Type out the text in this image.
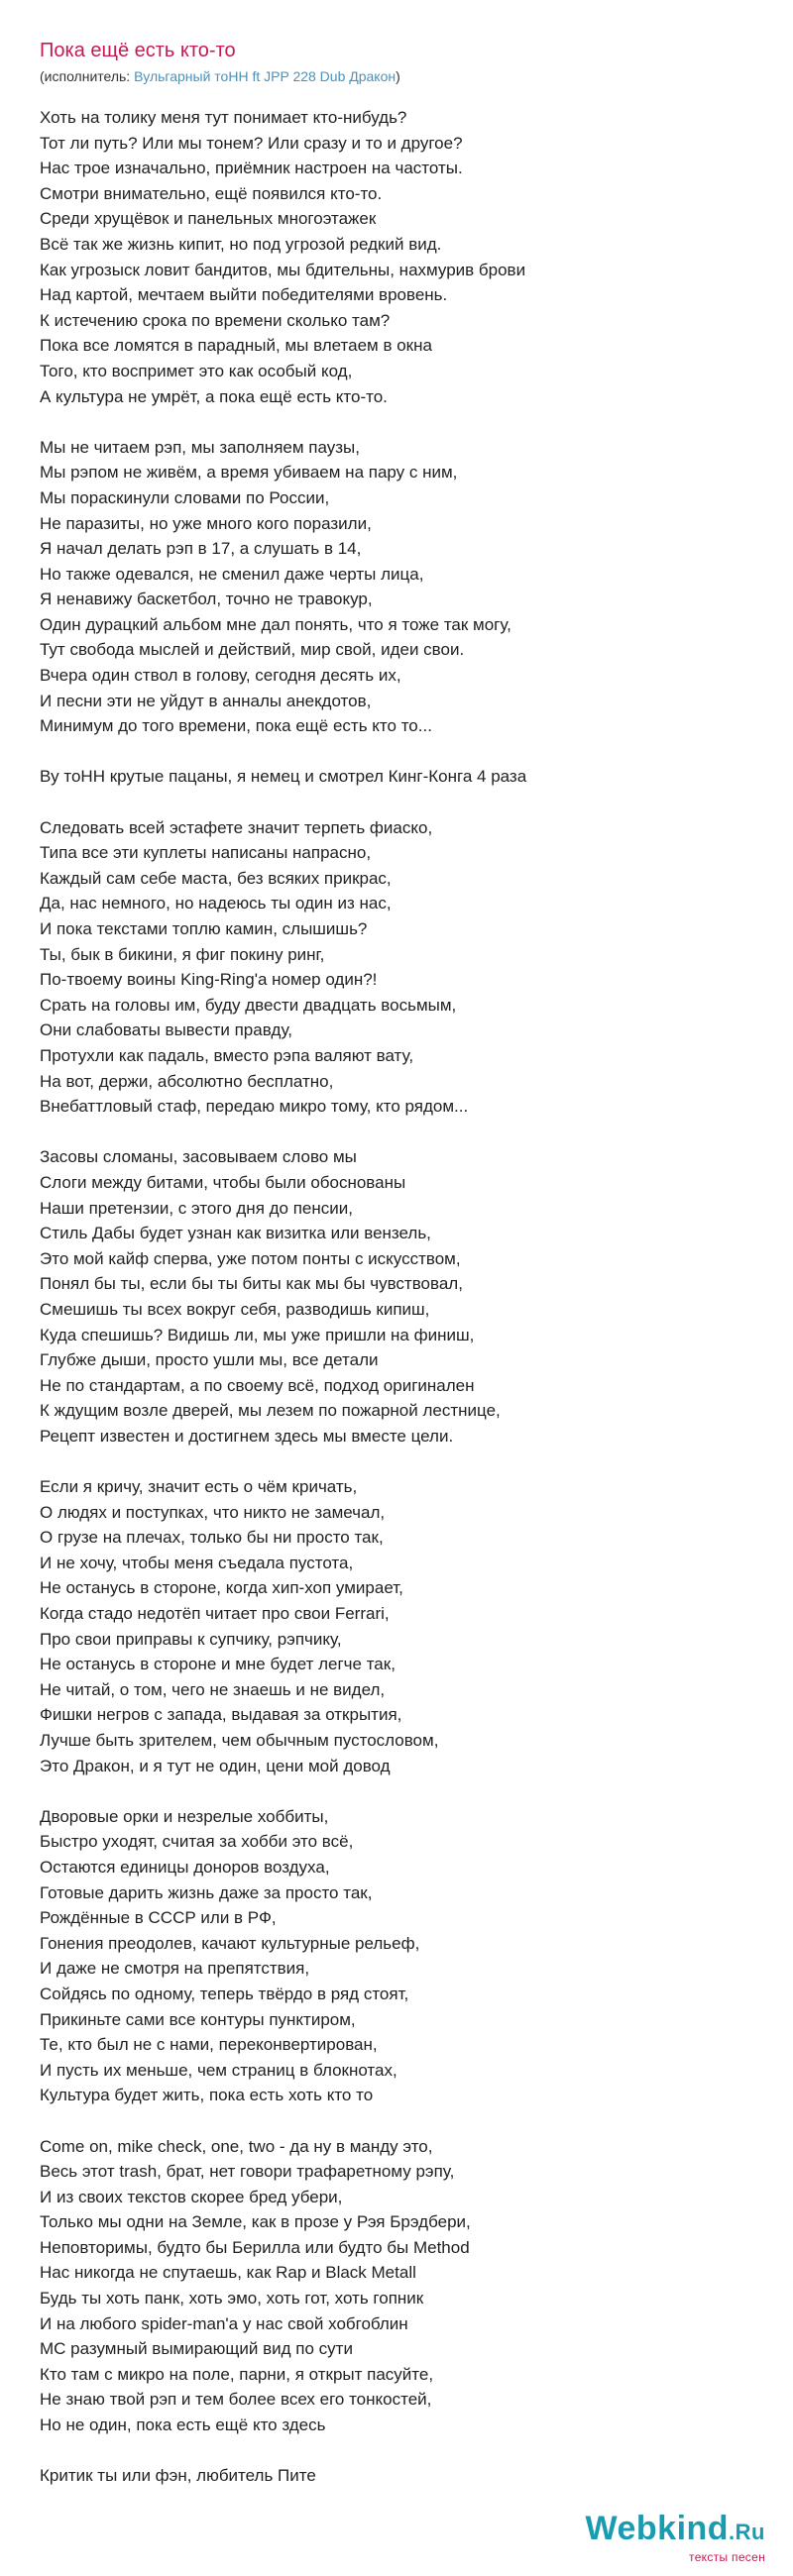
Пока ещё есть кто-то
(исполнитель: Вульгарный тоНН ft JPP 228 Dub Дракон)
Хоть на толику меня тут понимает кто-нибудь?
Тот ли путь? Или мы тонем? Или сразу и то и другое?
Нас трое изначально, приёмник настроен на частоты.
Смотри внимательно, ещё появился кто-то.
Среди хрущёвок и панельных многоэтажек
Всё так же жизнь кипит, но под угрозой редкий вид.
Как угрозыск ловит бандитов, мы бдительны, нахмурив брови
Над картой, мечтаем выйти победителями вровень.
К истечению срока по времени сколько там?
Пока все ломятся в парадный, мы влетаем в окна
Того, кто воспримет это как особый код,
А культура не умрёт, а пока ещё есть кто-то.
Мы не читаем рэп, мы заполняем паузы,
Мы рэпом не живём, а время убиваем на пару с ним,
Мы пораскинули словами по России,
Не паразиты, но уже много кого поразили,
Я начал делать рэп в 17, а слушать в 14,
Но также одевался, не сменил даже черты лица,
Я ненавижу баскетбол, точно не травокур,
Один дурацкий альбом мне дал понять, что я тоже так могу,
Тут свобода мыслей и действий, мир свой, идеи свои.
Вчера один ствол в голову, сегодня десять их,
И песни эти не уйдут в анналы анекдотов,
Минимум до того времени, пока ещё есть кто то...
Ву тоНН крутые пацаны, я немец и смотрел Кинг-Конга 4 раза
Следовать всей эстафете значит терпеть фиаско,
Типа все эти куплеты написаны напрасно,
Каждый сам себе маста, без всяких прикрас,
Да, нас немного, но надеюсь ты один из нас,
И пока текстами топлю камин, слышишь?
Ты, бык в бикини, я фиг покину ринг,
По-твоему воины King-Ring'а номер один?!
Срать на головы им, буду двести двадцать восьмым,
Они слабоваты вывести правду,
Протухли как падаль, вместо рэпа валяют вату,
На вот, держи, абсолютно бесплатно,
Внебаттловый стаф, передаю микро тому, кто рядом...
Засовы сломаны, засовываем слово мы
Слоги между битами, чтобы были обоснованы
Наши претензии, с этого дня до пенсии,
Стиль Дабы будет узнан как визитка или вензель,
Это мой кайф сперва, уже потом понты с искусством,
Понял бы ты, если бы ты биты как мы бы чувствовал,
Смешишь ты всех вокруг себя, разводишь кипиш,
Куда спешишь? Видишь ли, мы уже пришли на финиш,
Глубже дыши, просто ушли мы, все детали
Не по стандартам, а по своему всё, подход оригинален
К ждущим возле дверей, мы лезем по пожарной лестнице,
Рецепт известен и достигнем здесь мы вместе цели.
Если я кричу, значит есть о чём кричать,
О людях и поступках, что никто не замечал,
О грузе на плечах, только бы ни просто так,
И не хочу, чтобы меня съедала пустота,
Не останусь в стороне, когда хип-хоп умирает,
Когда стадо недотёп читает про свои Ferrari,
Про свои приправы к супчику, рэпчику,
Не останусь в стороне и мне будет легче так,
Не читай, о том, чего не знаешь и не видел,
Фишки негров с запада, выдавая за открытия,
Лучше быть зрителем, чем обычным пустословом,
Это Дракон, и я тут не один, цени мой довод
Дворовые орки и незрелые хоббиты,
Быстро уходят, считая за хобби это всё,
Остаются единицы доноров воздуха,
Готовые дарить жизнь даже за просто так,
Рождённые в СССР или в РФ,
Гонения преодолев, качают культурные рельеф,
И даже не смотря на препятствия,
Сойдясь по одному, теперь твёрдо в ряд стоят,
Прикиньте сами все контуры пунктиром,
Те, кто был не с нами, переконвертирован,
И пусть их меньше, чем страниц в блокнотах,
Культура будет жить, пока есть хоть кто то
Come on, mike check, one, two - да ну в манду это,
Весь этот trash, брат, нет говори трафаретному рэпу,
И из своих текстов скорее бред убери,
Только мы одни на Земле, как в прозе у Рэя Брэдбери,
Неповторимы, будто бы Берилла или будто бы Method
Нас никогда не спутаешь, как Rap и Black Metall
Будь ты хоть панк, хоть эмо, хоть гот, хоть гопник
И на любого spider-man'а у нас свой хобгоблин
MC разумный вымирающий вид по сути
Кто там с микро на поле, парни, я открыт пасуйте,
Не знаю твой рэп и тем более всех его тонкостей,
Но не один, пока есть ещё кто здесь
Критик ты или фэн, любитель Пите
Webkind.Ru
тексты песен
